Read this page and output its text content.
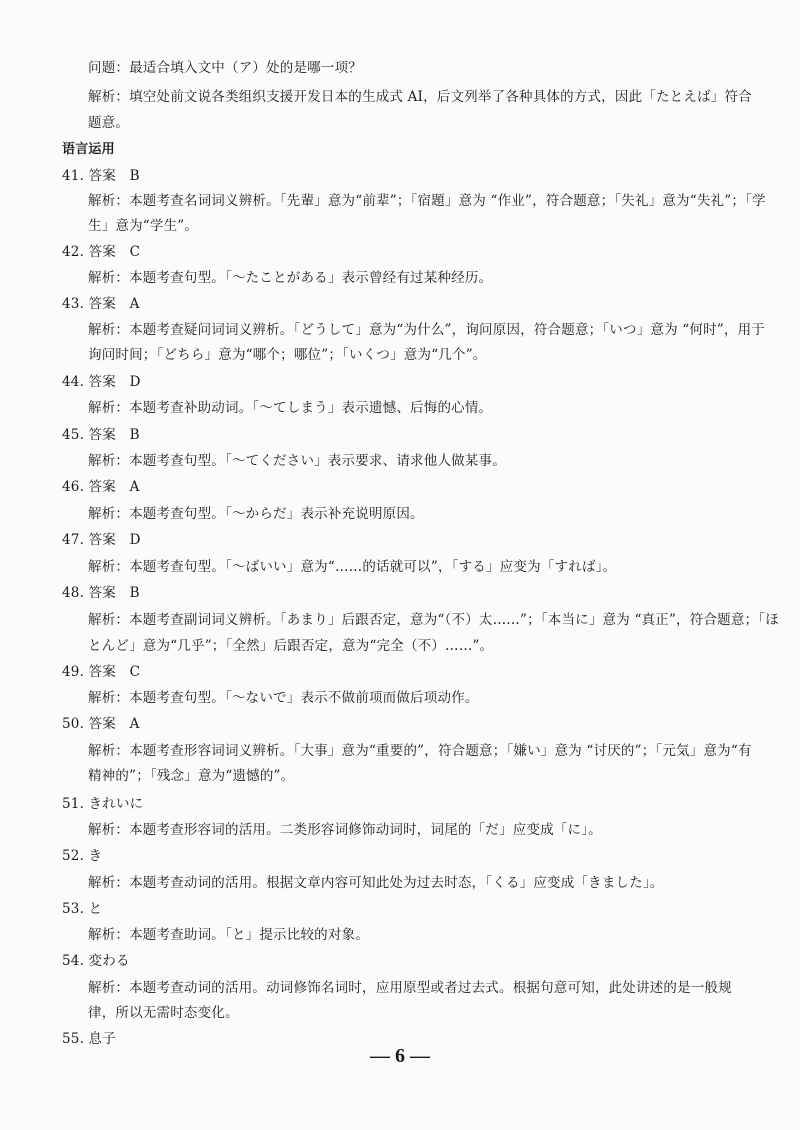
问题：最适合填入文中（ア）处的是哪一项？
解析：填空处前文说各类组织支援开发日本的生成式 AI，后文列举了各种具体的方式，因此「たとえば」符合
题意。
语言运用
41. 答案　B
解析：本题考查名词词义辨析。「先輩」意为“前辈”；「宿題」意为 “作业”，符合题意；「失礼」意为“失礼”；「学
生」意为“学生”。
42. 答案　C
解析：本题考查句型。「～たことがある」表示曾经有过某种经历。
43. 答案　A
解析：本题考查疑问词词义辨析。「どうして」意为“为什么”，询问原因，符合题意；「いつ」意为 “何时”，用于
询问时间；「どちら」意为“哪个；哪位”；「いくつ」意为“几个”。
44. 答案　D
解析：本题考查补助动词。「～てしまう」表示遗憾、后悔的心情。
45. 答案　B
解析：本题考查句型。「～てください」表示要求、请求他人做某事。
46. 答案　A
解析：本题考查句型。「～からだ」表示补充说明原因。
47. 答案　D
解析：本题考查句型。「～ばいい」意为“……的话就可以”，「する」应变为「すれば」。
48. 答案　B
解析：本题考查副词词义辨析。「あまり」后跟否定，意为“（不）太……”；「本当に」意为 “真正”，符合题意；「ほ
とんど」意为“几乎”；「全然」后跟否定，意为“完全（不）……”。
49. 答案　C
解析：本题考查句型。「～ないで」表示不做前项而做后项动作。
50. 答案　A
解析：本题考查形容词词义辨析。「大事」意为“重要的”，符合题意；「嫌い」意为 “讨厌的”；「元気」意为“有
精神的”；「残念」意为“遗憾的”。
51. きれいに
解析：本题考查形容词的活用。二类形容词修饰动词时，词尾的「だ」应变成「に」。
52. き
解析：本题考查动词的活用。根据文章内容可知此处为过去时态，「くる」应变成「きました」。
53. と
解析：本题考查助词。「と」提示比较的对象。
54. 変わる
解析：本题考查动词的活用。动词修饰名词时，应用原型或者过去式。根据句意可知，此处讲述的是一般规
律，所以无需时态变化。
55. 息子
— 6 —
